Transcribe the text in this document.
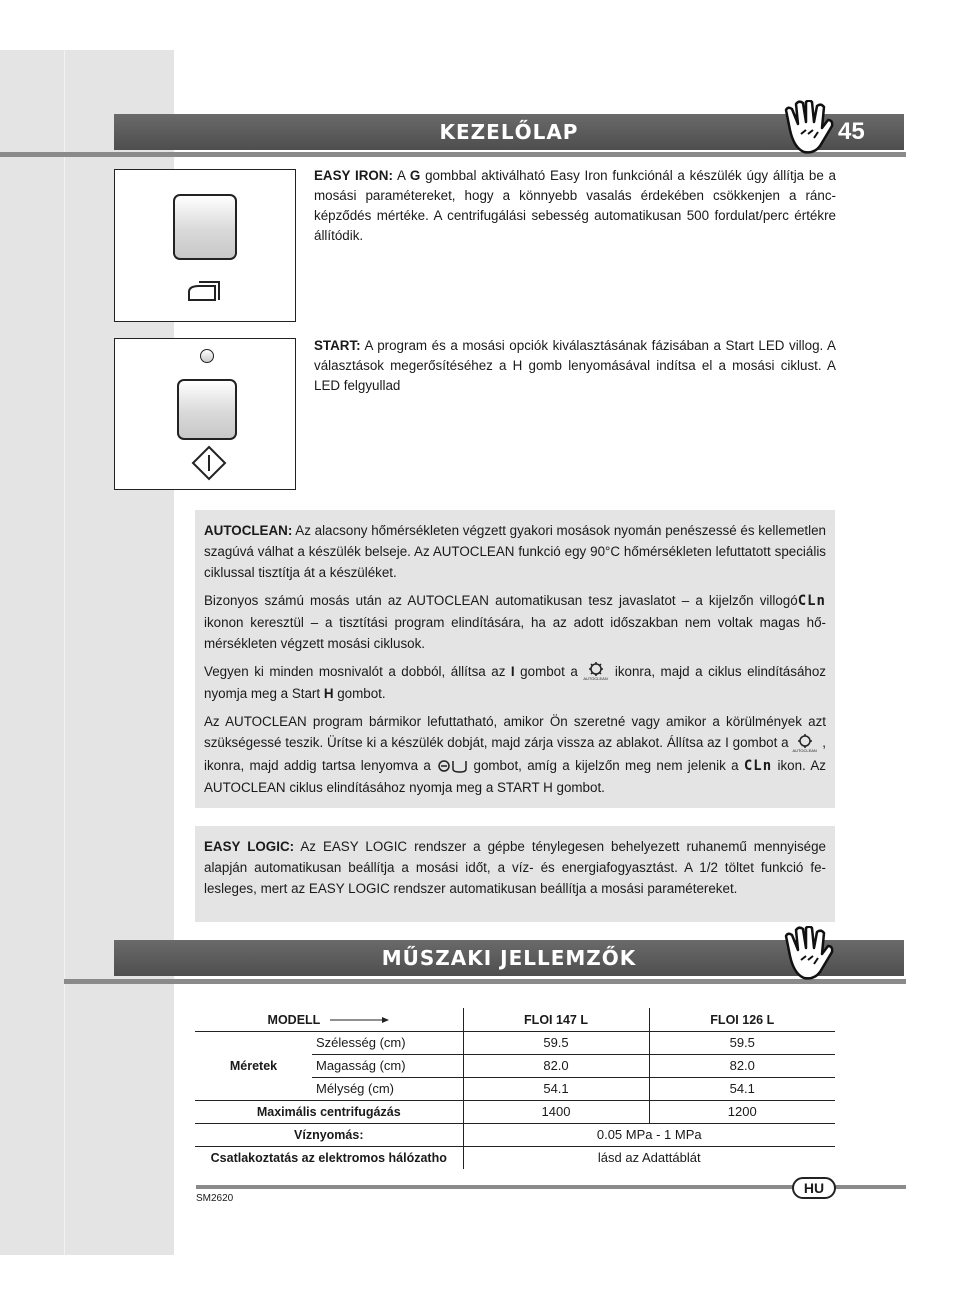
KEZELŐLAP	45
EASY IRON: A G gombbal aktiválható Easy Iron funkciónál a készülék úgy állítja be a mosási paramétereket, hogy a könnyebb vasalás érdekében csökkenjen a ráncképződés mértéke. A centrifugálási sebesség automatikusan 500 fordulat/perc értékre állítódik.
START: A program és a mosási opciók kiválasztásának fázisában a Start LED villog. A választások megerősítéséhez a H gomb lenyomásával indítsa el a mosási ciklust. A LED felgyullad

AUTOCLEAN: Az alacsony hőmérsékleten végzett gyakori mosások nyomán penészessé és kellemetlen szagúvá válhat a készülék belseje. Az AUTOCLEAN funkció egy 90°C hőmérsékleten lefuttatott speciális ciklussal tisztítja át a készüléket.

Bizonyos számú mosás után az AUTOCLEAN automatikusan tesz javaslatot – a kijelzőn villogóCLn ikonon keresztül – a tisztítási program elindítására, ha az adott időszakban nem voltak magas hőmérsékleten végzett mosási ciklusok.

Vegyen ki minden mosnivalót a dobból, állítsa az I gombot a AUTOCLEAN ikonra, majd a ciklus elindításához nyomja meg a Start H gombot.

Az AUTOCLEAN program bármikor lefuttatható, amikor Ön szeretné vagy amikor a körülmények azt szükségessé teszik. Ürítse ki a készülék dobját, majd zárja vissza az ablakot. Állítsa az I gombot a AUTOCLEAN , ikonra, majd addig tartsa lenyomva a  gombot, amíg a kijelzőn meg nem jelenik a CLn ikon. Az AUTOCLEAN ciklus elindításához nyomja meg a START H gombot.

EASY LOGIC: Az EASY LOGIC rendszer a gépbe ténylegesen behelyezett ruhanemű mennyisége alapján automatikusan beállítja a mosási időt, a víz- és energiafogyasztást. A 1/2 töltet funkció felesleges, mert az EASY LOGIC rendszer automatikusan beállítja a mosási paramétereket.

MŰSZAKI JELLEMZŐK
MODELL		FLOI 147 L	FLOI 126 L
Méretek	Szélesség (cm)	59.5	59.5
	Magasság (cm)	82.0	82.0
	Mélység (cm)	54.1	54.1
Maximális centrifugázás		1400	1200
Víznyomás:		0.05 MPa - 1 MPa	
Csatlakoztatás az elektromos hálózatho		lásd az Adattáblát	
HU
SM2620
